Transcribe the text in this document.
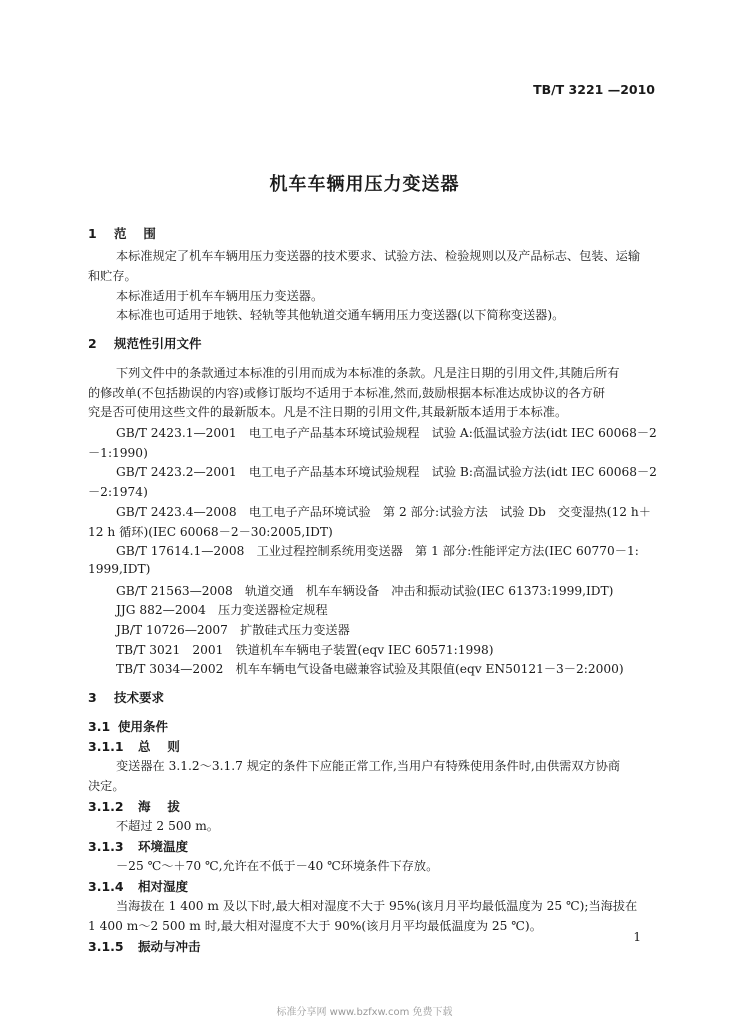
TB/T 3221 —2010
机车车辆用压力变送器
1 范　 围
本标准规定了机车车辆用压力变送器的技术要求、试验方法、检验规则以及产品标志、包装、运输
和贮存。
本标准适用于机车车辆用压力变送器。
本标准也可适用于地铁、轻轨等其他轨道交通车辆用压力变送器(以下简称变送器)。
2 规范性引用文件
下列文件中的条款通过本标准的引用而成为本标准的条款。凡是注日期的引用文件,其随后所有
的修改单(不包括勘误的内容)或修订版均不适用于本标准,然而,鼓励根据本标准达成协议的各方研
究是否可使用这些文件的最新版本。凡是不注日期的引用文件,其最新版本适用于本标准。
GB/T 2423.1—2001　电工电子产品基本环境试验规程　试验 A:低温试验方法(idt IEC 60068－2
－1:1990)
GB/T 2423.2—2001　电工电子产品基本环境试验规程　试验 B:高温试验方法(idt IEC 60068－2
－2:1974)
GB/T 2423.4—2008　电工电子产品环境试验　第 2 部分:试验方法　试验 Db　交变湿热(12 h＋
12 h 循环)(IEC 60068－2－30:2005,IDT)
GB/T 17614.1—2008　工业过程控制系统用变送器　第 1 部分:性能评定方法(IEC 60770－1:
1999,IDT)
GB/T 21563—2008　轨道交通　机车车辆设备　冲击和振动试验(IEC 61373:1999,IDT)
JJG 882—2004　压力变送器检定规程
JB/T 10726—2007　扩散硅式压力变送器
TB/T 3021　2001　铁道机车车辆电子装置(eqv IEC 60571:1998)
TB/T 3034—2002　机车车辆电气设备电磁兼容试验及其限值(eqv EN50121－3－2:2000)
3 技术要求
3.1 使用条件
3.1.1 总　 则
变送器在 3.1.2～3.1.7 规定的条件下应能正常工作,当用户有特殊使用条件时,由供需双方协商
决定。
3.1.2 海　 拔
不超过 2 500 m。
3.1.3 环境温度
－25 ℃～＋70 ℃,允许在不低于－40 ℃环境条件下存放。
3.1.4 相对湿度
当海拔在 1 400 m 及以下时,最大相对湿度不大于 95%(该月月平均最低温度为 25 ℃);当海拔在
1 400 m～2 500 m 时,最大相对湿度不大于 90%(该月月平均最低温度为 25 ℃)。
3.1.5 振动与冲击
1
标准分享网 www.bzfxw.com 免费下载
